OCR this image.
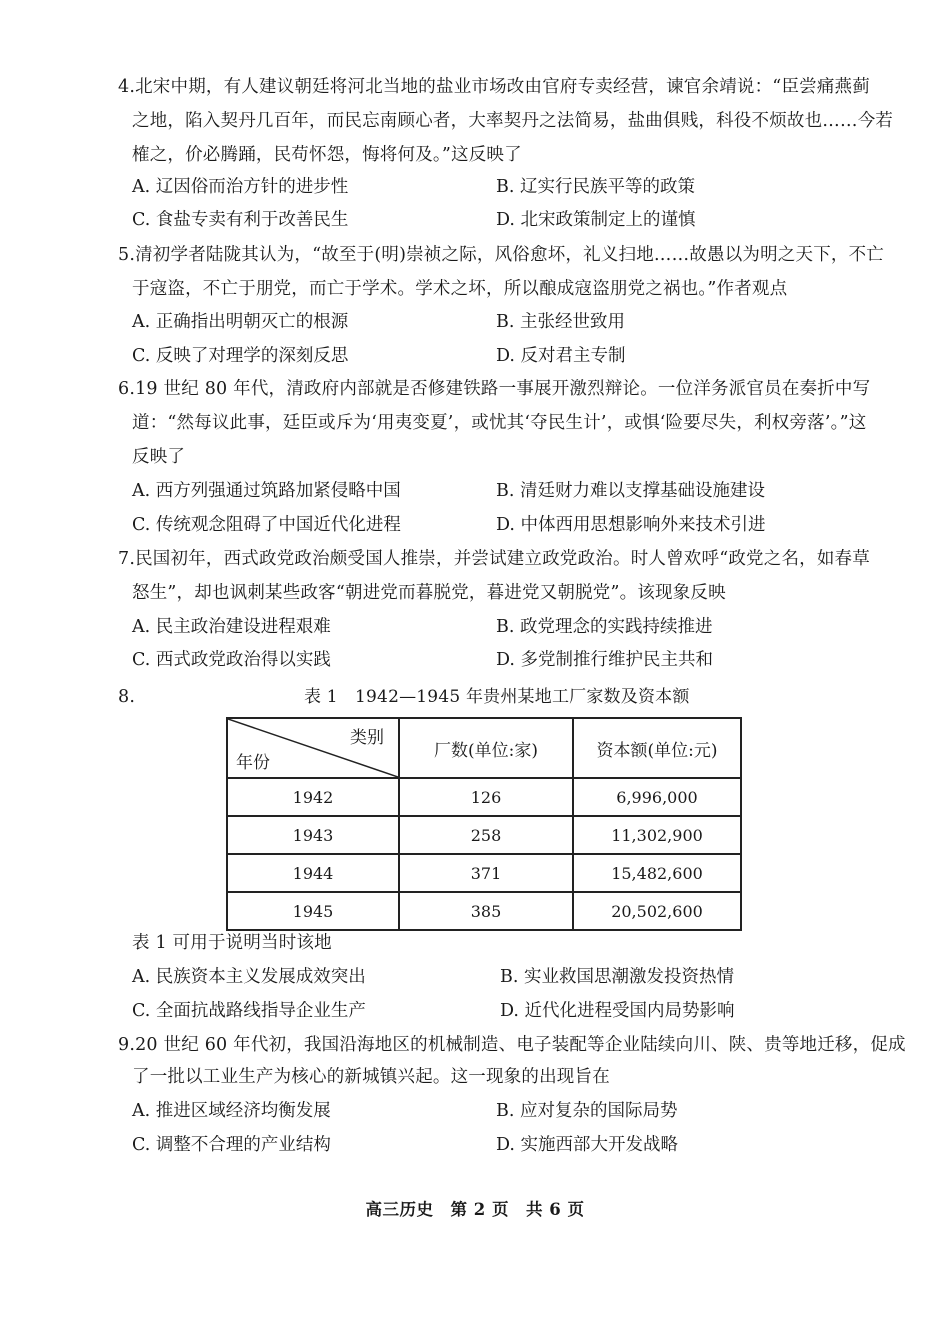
4.北宋中期，有人建议朝廷将河北当地的盐业市场改由官府专卖经营，谏官余靖说：“臣尝痛燕蓟
之地，陷入契丹几百年，而民忘南顾心者，大率契丹之法简易，盐曲俱贱，科役不烦故也……今若
榷之，价必腾踊，民苟怀怨，悔将何及。”这反映了
A. 辽因俗而治方针的进步性	B. 辽实行民族平等的政策
C. 食盐专卖有利于改善民生	D. 北宋政策制定上的谨慎
5.清初学者陆陇其认为，“故至于(明)崇祯之际，风俗愈坏，礼义扫地……故愚以为明之天下，不亡
于寇盗，不亡于朋党，而亡于学术。学术之坏，所以酿成寇盗朋党之祸也。”作者观点
A. 正确指出明朝灭亡的根源	B. 主张经世致用
C. 反映了对理学的深刻反思	D. 反对君主专制
6.19 世纪 80 年代，清政府内部就是否修建铁路一事展开激烈辩论。一位洋务派官员在奏折中写
道：“然每议此事，廷臣或斥为‘用夷变夏’，或忧其‘夺民生计’，或惧‘险要尽失，利权旁落’。”这
反映了
A. 西方列强通过筑路加紧侵略中国	B. 清廷财力难以支撑基础设施建设
C. 传统观念阻碍了中国近代化进程	D. 中体西用思想影响外来技术引进
7.民国初年，西式政党政治颇受国人推崇，并尝试建立政党政治。时人曾欢呼“政党之名，如春草
怒生”，却也讽刺某些政客“朝进党而暮脱党，暮进党又朝脱党”。该现象反映
A. 民主政治建设进程艰难	B. 政党理念的实践持续推进
C. 西式政党政治得以实践	D. 多党制推行维护民主共和
8.	表 1　1942—1945 年贵州某地工厂家数及资本额
类别
年份	厂数(单位:家)	资本额(单位:元)
1942	126	6,996,000
1943	258	11,302,900
1944	371	15,482,600
1945	385	20,502,600
表 1 可用于说明当时该地
A. 民族资本主义发展成效突出	B. 实业救国思潮激发投资热情
C. 全面抗战路线指导企业生产	D. 近代化进程受国内局势影响
9.20 世纪 60 年代初，我国沿海地区的机械制造、电子装配等企业陆续向川、陕、贵等地迁移，促成
了一批以工业生产为核心的新城镇兴起。这一现象的出现旨在
A. 推进区域经济均衡发展	B. 应对复杂的国际局势
C. 调整不合理的产业结构	D. 实施西部大开发战略
高三历史　第 2 页　共 6 页
